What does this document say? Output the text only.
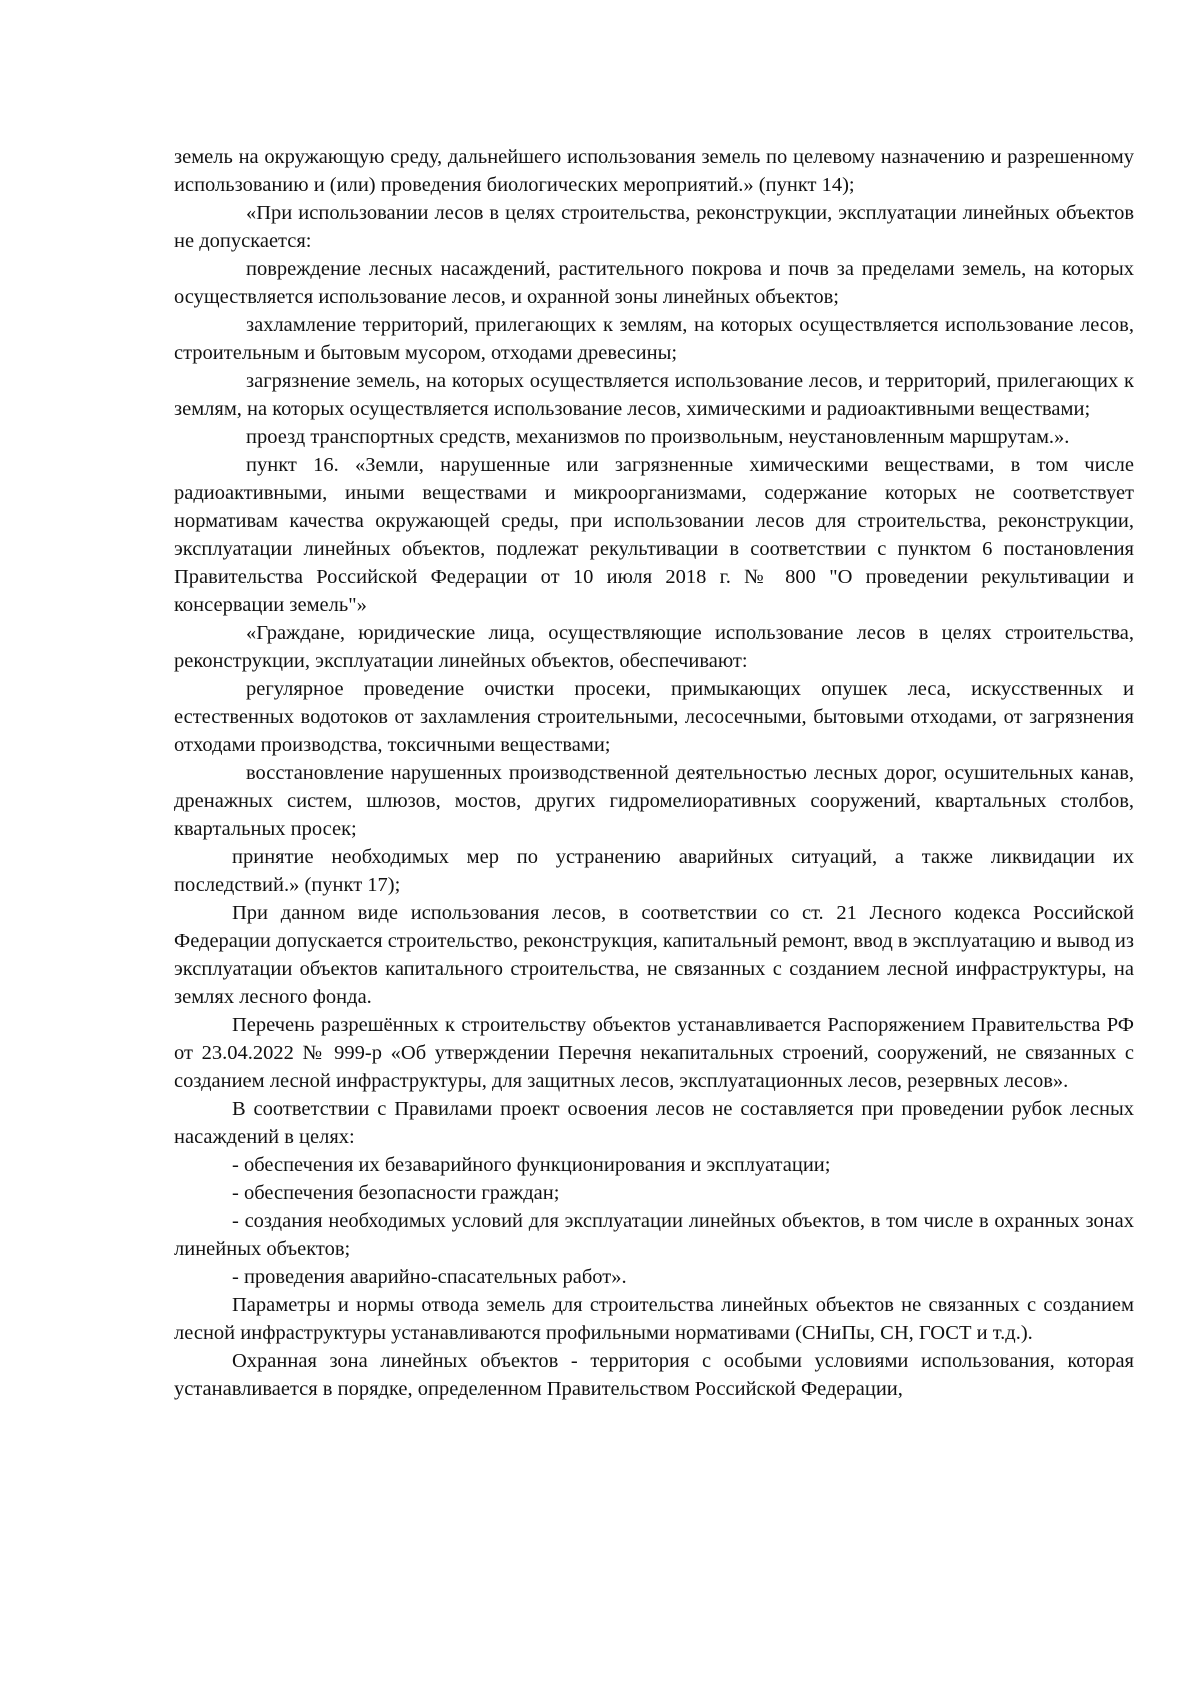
земель на окружающую среду, дальнейшего использования земель по целевому назначению и разрешенному использованию и (или) проведения биологических мероприятий.» (пункт 14);

«При использовании лесов в целях строительства, реконструкции, эксплуатации линейных объектов не допускается:

повреждение лесных насаждений, растительного покрова и почв за пределами земель, на которых осуществляется использование лесов, и охранной зоны линейных объектов;

захламление территорий, прилегающих к землям, на которых осуществляется использование лесов, строительным и бытовым мусором, отходами древесины;

загрязнение земель, на которых осуществляется использование лесов, и территорий, прилегающих к землям, на которых осуществляется использование лесов, химическими и радиоактивными веществами;

проезд транспортных средств, механизмов по произвольным, неустановленным маршрутам.».

пункт 16. «Земли, нарушенные или загрязненные химическими веществами, в том числе радиоактивными, иными веществами и микроорганизмами, содержание которых не соответствует нормативам качества окружающей среды, при использовании лесов для строительства, реконструкции, эксплуатации линейных объектов, подлежат рекультивации в соответствии с пунктом 6 постановления Правительства Российской Федерации от 10 июля 2018 г. № 800 "О проведении рекультивации и консервации земель"»

«Граждане, юридические лица, осуществляющие использование лесов в целях строительства, реконструкции, эксплуатации линейных объектов, обеспечивают:

регулярное проведение очистки просеки, примыкающих опушек леса, искусственных и естественных водотоков от захламления строительными, лесосечными, бытовыми отходами, от загрязнения отходами производства, токсичными веществами;

восстановление нарушенных производственной деятельностью лесных дорог, осушительных канав, дренажных систем, шлюзов, мостов, других гидромелиоративных сооружений, квартальных столбов, квартальных просек;

принятие необходимых мер по устранению аварийных ситуаций, а также ликвидации их последствий.» (пункт 17);

При данном виде использования лесов, в соответствии со ст. 21 Лесного кодекса Российской Федерации допускается строительство, реконструкция, капитальный ремонт, ввод в эксплуатацию и вывод из эксплуатации объектов капитального строительства, не связанных с созданием лесной инфраструктуры, на землях лесного фонда.

Перечень разрешённых к строительству объектов устанавливается Распоряжением Правительства РФ от 23.04.2022 № 999-р «Об утверждении Перечня некапитальных строений, сооружений, не связанных с созданием лесной инфраструктуры, для защитных лесов, эксплуатационных лесов, резервных лесов».

В соответствии с Правилами проект освоения лесов не составляется при проведении рубок лесных насаждений в целях:

- обеспечения их безаварийного функционирования и эксплуатации;

- обеспечения безопасности граждан;

- создания необходимых условий для эксплуатации линейных объектов, в том числе в охранных зонах линейных объектов;

- проведения аварийно-спасательных работ».

Параметры и нормы отвода земель для строительства линейных объектов не связанных с созданием лесной инфраструктуры устанавливаются профильными нормативами (СНиПы, СН, ГОСТ и т.д.).

Охранная зона линейных объектов - территория с особыми условиями использования, которая устанавливается в порядке, определенном Правительством Российской Федерации,
